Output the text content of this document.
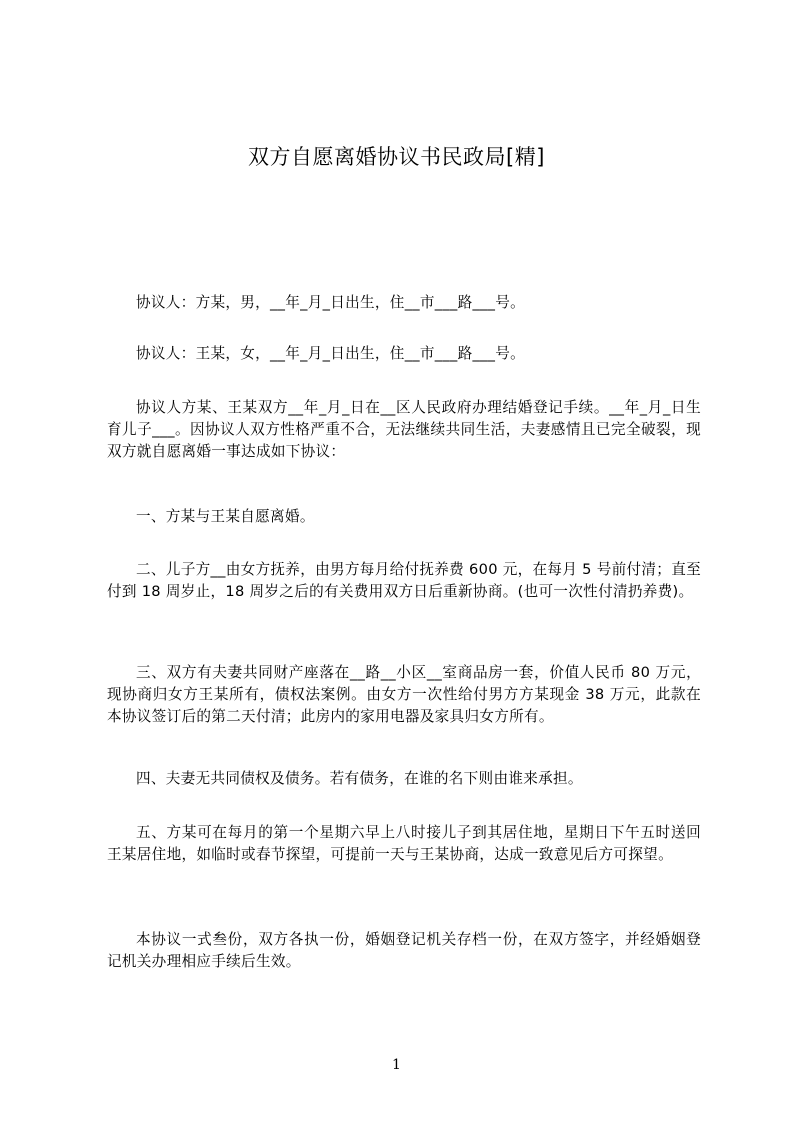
双方自愿离婚协议书民政局[精]

协议人：方某，男，__年_月_日出生，住__市___路___号。

协议人：王某，女，__年_月_日出生，住__市___路___号。

协议人方某、王某双方__年_月_日在__区人民政府办理结婚登记手续。__年_月_日生育儿子___。因协议人双方性格严重不合，无法继续共同生活，夫妻感情且已完全破裂，现双方就自愿离婚一事达成如下协议：

一、方某与王某自愿离婚。

二、儿子方__由女方抚养，由男方每月给付抚养费 600 元，在每月 5 号前付清；直至付到 18 周岁止，18 周岁之后的有关费用双方日后重新协商。(也可一次性付清扔养费)。

三、双方有夫妻共同财产座落在__路__小区__室商品房一套，价值人民币 80 万元，现协商归女方王某所有，债权法案例。由女方一次性给付男方方某现金 38 万元，此款在本协议签订后的第二天付清；此房内的家用电器及家具归女方所有。

四、夫妻无共同债权及债务。若有债务，在谁的名下则由谁来承担。

五、方某可在每月的第一个星期六早上八时接儿子到其居住地，星期日下午五时送回王某居住地，如临时或春节探望，可提前一天与王某协商，达成一致意见后方可探望。

本协议一式叁份，双方各执一份，婚姻登记机关存档一份，在双方签字，并经婚姻登记机关办理相应手续后生效。

1
